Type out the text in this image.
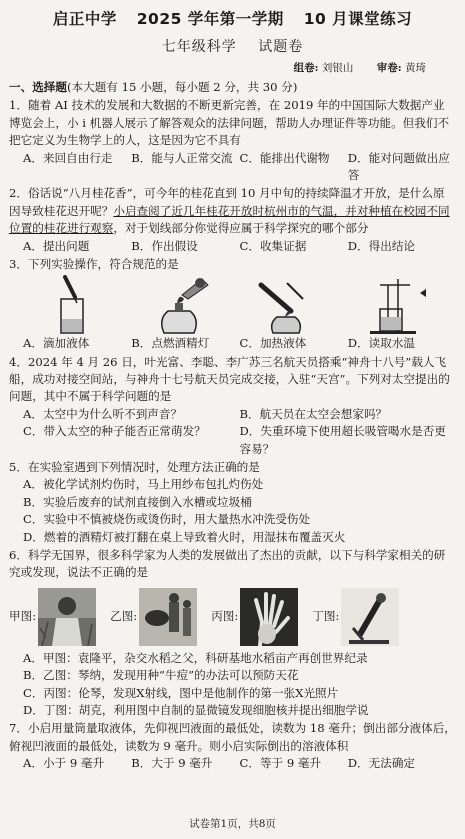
启正中学 2025 学年第一学期 10 月课堂练习
七年级科学 试题卷
组卷: 刘银山 审卷: 黄琦
一、选择题(本大题有 15 小题，每小题 2 分，共 30 分)

1．随着 AI 技术的发展和大数据的不断更新完善，在 2019 年的中国国际大数据产业博览会上，小 i 机器人展示了解答观众的法律问题，帮助人办理证件等功能。但我们不把它定义为生物学上的人，这是因为它不具有

A．来回自由行走	B．能与人正常交流 C．能排出代谢物	D．能对问题做出应答

2．俗话说“八月桂花香”，可今年的桂花直到 10 月中旬的持续降温才开放，是什么原因导致桂花迟开呢？小启查阅了近几年桂花开放时杭州市的气温，并对种植在校园不同位置的桂花进行观察，对于划线部分你觉得应属于科学探究的哪个部分

A．提出问题	B．作出假设	C．收集证据	D．得出结论

3．下列实验操作，符合规范的是

A．滴加液体	B．点燃酒精灯	C．加热液体	D．读取水温

4．2024 年 4 月 26 日，叶光富、李聪、李广苏三名航天员搭乘“神舟十八号”载人飞船，成功对接空间站，与神舟十七号航天员完成交接，入驻“天宫”。下列对太空提出的问题，其中不属于科学问题的是

A．太空中为什么听不到声音？	B．航天员在太空会想家吗？
C．带入太空的种子能否正常萌发？	D．失重环境下使用超长吸管喝水是否更容易？

5．在实验室遇到下列情况时，处理方法正确的是

A．被化学试剂灼伤时，马上用纱布包扎灼伤处

B．实验后废弃的试剂直接倒入水槽或垃圾桶

C．实验中不慎被烧伤或烫伤时，用大量热水冲洗受伤处

D．燃着的酒精灯被打翻在桌上导致着火时，用湿抹布覆盖灭火

6．科学无国界，很多科学家为人类的发展做出了杰出的贡献，以下与科学家相关的研究或发现，说法不正确的是

甲图:	乙图:	丙图:	丁图:

A．甲图：袁隆平，杂交水稻之父，科研基地水稻亩产再创世界纪录

B．乙图：琴纳，发现用种“牛痘”的办法可以预防天花

C．丙图：伦琴，发现X射线，图中是他制作的第一张X光照片

D．丁图：胡克，利用图中自制的显微镜发现细胞核并提出细胞学说

7．小启用量筒量取液体，先仰视凹液面的最低处，读数为 18 毫升；倒出部分液体后，俯视凹液面的最低处，读数为 9 毫升。则小启实际倒出的溶液体积

A．小于 9 毫升	B．大于 9 毫升	C．等于 9 毫升	D．无法确定
试卷第1页，共8页
